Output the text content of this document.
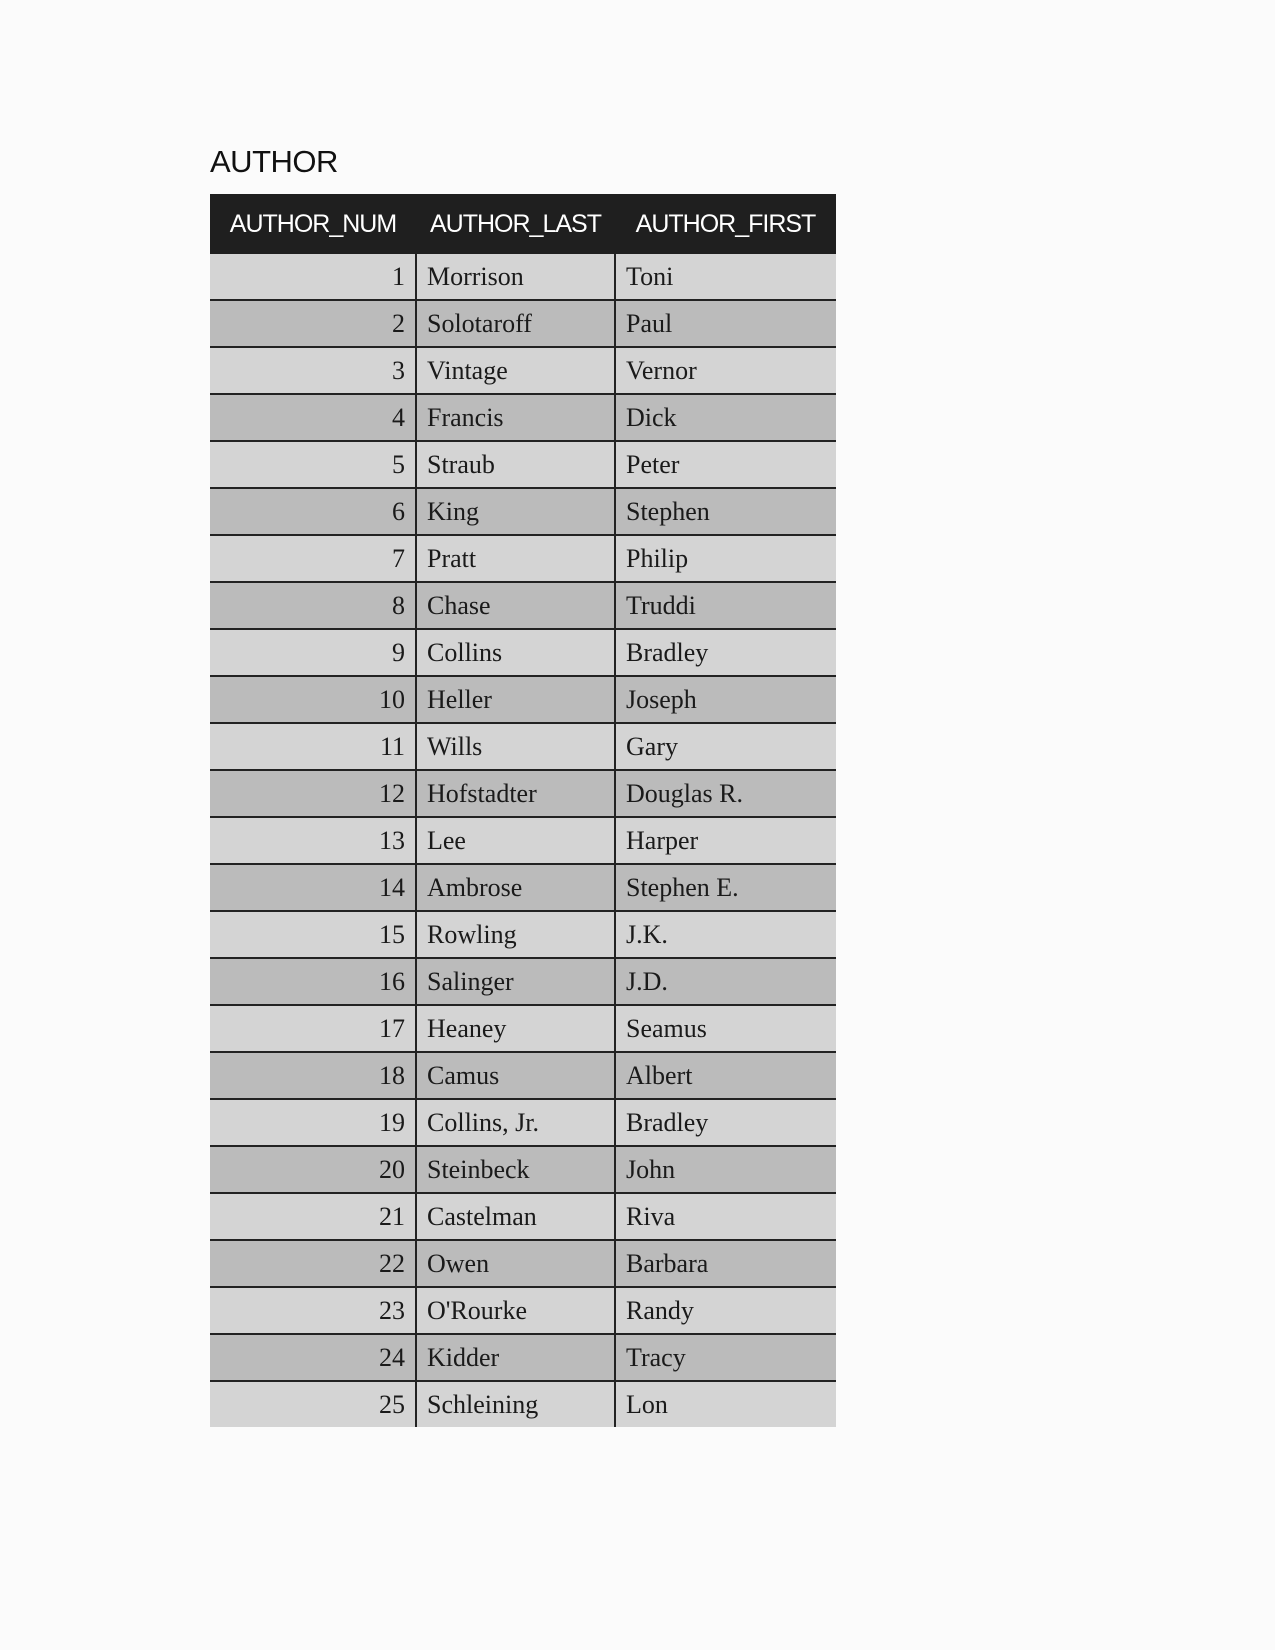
AUTHOR
AUTHOR_NUM	AUTHOR_LAST	AUTHOR_FIRST
1	Morrison	Toni
2	Solotaroff	Paul
3	Vintage	Vernor
4	Francis	Dick
5	Straub	Peter
6	King	Stephen
7	Pratt	Philip
8	Chase	Truddi
9	Collins	Bradley
10	Heller	Joseph
11	Wills	Gary
12	Hofstadter	Douglas R.
13	Lee	Harper
14	Ambrose	Stephen E.
15	Rowling	J.K.
16	Salinger	J.D.
17	Heaney	Seamus
18	Camus	Albert
19	Collins, Jr.	Bradley
20	Steinbeck	John
21	Castelman	Riva
22	Owen	Barbara
23	O'Rourke	Randy
24	Kidder	Tracy
25	Schleining	Lon
